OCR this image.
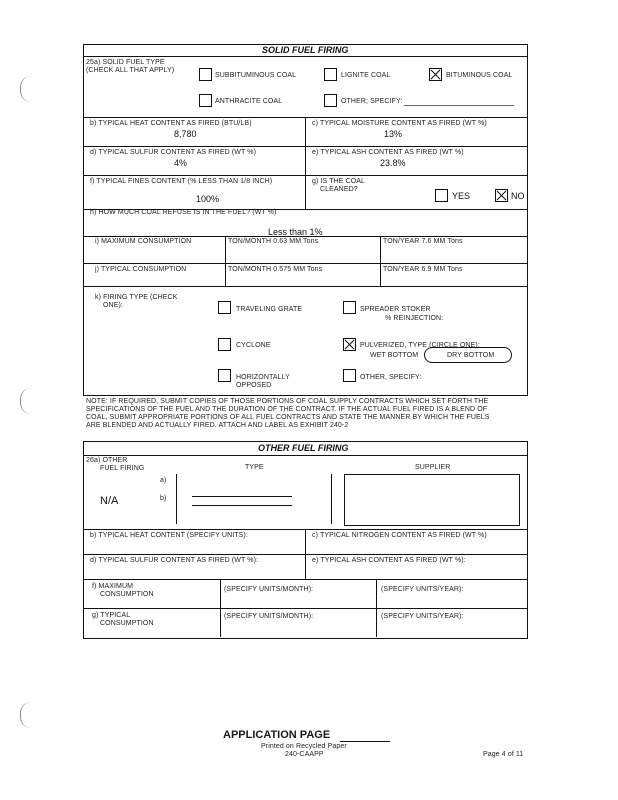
SOLID FUEL FIRING
25a) SOLID FUEL TYPE
(CHECK ALL THAT APPLY)
SUBBITUMINOUS COAL	LIGNITE COAL	BITUMINOUS COAL
ANTHRACITE COAL	OTHER; SPECIFY:
b) TYPICAL HEAT CONTENT AS FIRED (BTU/LB)
8,780
c) TYPICAL MOISTURE CONTENT AS FIRED (WT %)
13%
d) TYPICAL SULFUR CONTENT AS FIRED (WT %)
4%
e) TYPICAL ASH CONTENT AS FIRED (WT %)
23.8%
f) TYPICAL FINES CONTENT (% LESS THAN 1/8 INCH)
100%
g) IS THE COAL
CLEANED?
YES	NO
h) HOW MUCH COAL REFUSE IS IN THE FUEL? (WT %)
Less than 1%
i) MAXIMUM CONSUMPTION	TON/MONTH 0.63 MM Tons	TON/YEAR 7.6 MM Tons
j) TYPICAL CONSUMPTION	TON/MONTH 0.575 MM Tons	TON/YEAR 6.9 MM Tons
k) FIRING TYPE (CHECK
ONE):
TRAVELING GRATE	SPREADER STOKER
% REINJECTION:
CYCLONE	PULVERIZED, TYPE (CIRCLE ONE):
WET BOTTOM	DRY BOTTOM
HORIZONTALLY
OPPOSED
OTHER, SPECIFY:
NOTE: IF REQUIRED, SUBMIT COPIES OF THOSE PORTIONS OF COAL SUPPLY CONTRACTS WHICH SET FORTH THE
SPECIFICATIONS OF THE FUEL AND THE DURATION OF THE CONTRACT. IF THE ACTUAL FUEL FIRED IS A BLEND OF
COAL, SUBMIT APPROPRIATE PORTIONS OF ALL FUEL CONTRACTS AND STATE THE MANNER BY WHICH THE FUELS
ARE BLENDED AND ACTUALLY FIRED. ATTACH AND LABEL AS EXHIBIT 240-2
OTHER FUEL FIRING
26a) OTHER
FUEL FIRING	TYPE	SUPPLIER
N/A
a)
b)
b) TYPICAL HEAT CONTENT (SPECIFY UNITS):	c) TYPICAL NITROGEN CONTENT AS FIRED (WT %)
d) TYPICAL SULFUR CONTENT AS FIRED (WT %):	e) TYPICAL ASH CONTENT AS FIRED (WT %):
f) MAXIMUM
CONSUMPTION
(SPECIFY UNITS/MONTH):	(SPECIFY UNITS/YEAR):
g) TYPICAL
CONSUMPTION
(SPECIFY UNITS/MONTH):	(SPECIFY UNITS/YEAR):
APPLICATION PAGE
Printed on Recycled Paper
240-CAAPP	Page 4 of 11
